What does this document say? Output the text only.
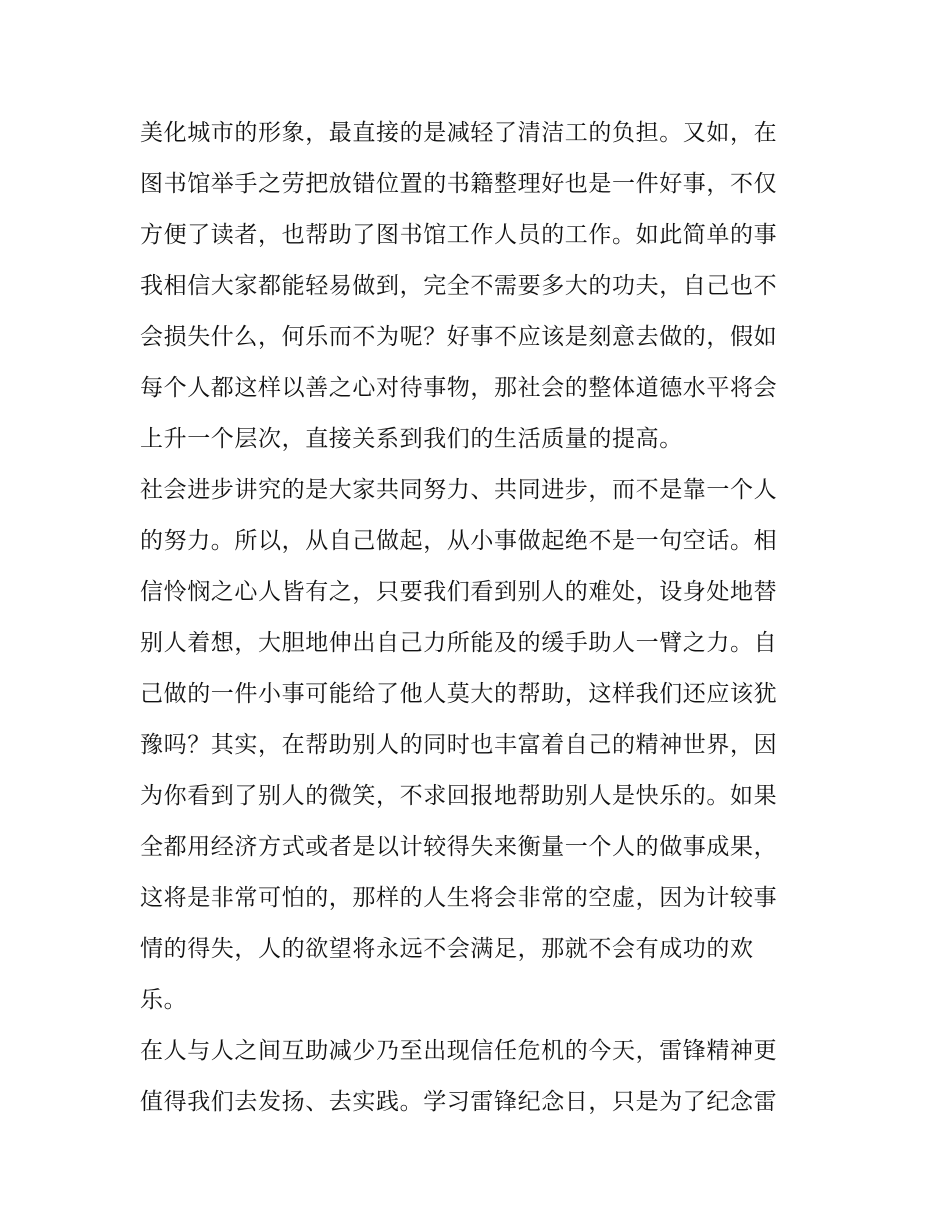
美化城市的形象，最直接的是减轻了清洁工的负担。又如，在
图书馆举手之劳把放错位置的书籍整理好也是一件好事，不仅
方便了读者，也帮助了图书馆工作人员的工作。如此简单的事
我相信大家都能轻易做到，完全不需要多大的功夫，自己也不
会损失什么，何乐而不为呢？好事不应该是刻意去做的，假如
每个人都这样以善之心对待事物，那社会的整体道德水平将会
上升一个层次，直接关系到我们的生活质量的提高。
社会进步讲究的是大家共同努力、共同进步，而不是靠一个人
的努力。所以，从自己做起，从小事做起绝不是一句空话。相
信怜悯之心人皆有之，只要我们看到别人的难处，设身处地替
别人着想，大胆地伸出自己力所能及的缓手助人一臂之力。自
己做的一件小事可能给了他人莫大的帮助，这样我们还应该犹
豫吗？其实，在帮助别人的同时也丰富着自己的精神世界，因
为你看到了别人的微笑，不求回报地帮助别人是快乐的。如果
全都用经济方式或者是以计较得失来衡量一个人的做事成果，
这将是非常可怕的，那样的人生将会非常的空虚，因为计较事
情的得失，人的欲望将永远不会满足，那就不会有成功的欢
乐。
在人与人之间互助减少乃至出现信任危机的今天，雷锋精神更
值得我们去发扬、去实践。学习雷锋纪念日，只是为了纪念雷
